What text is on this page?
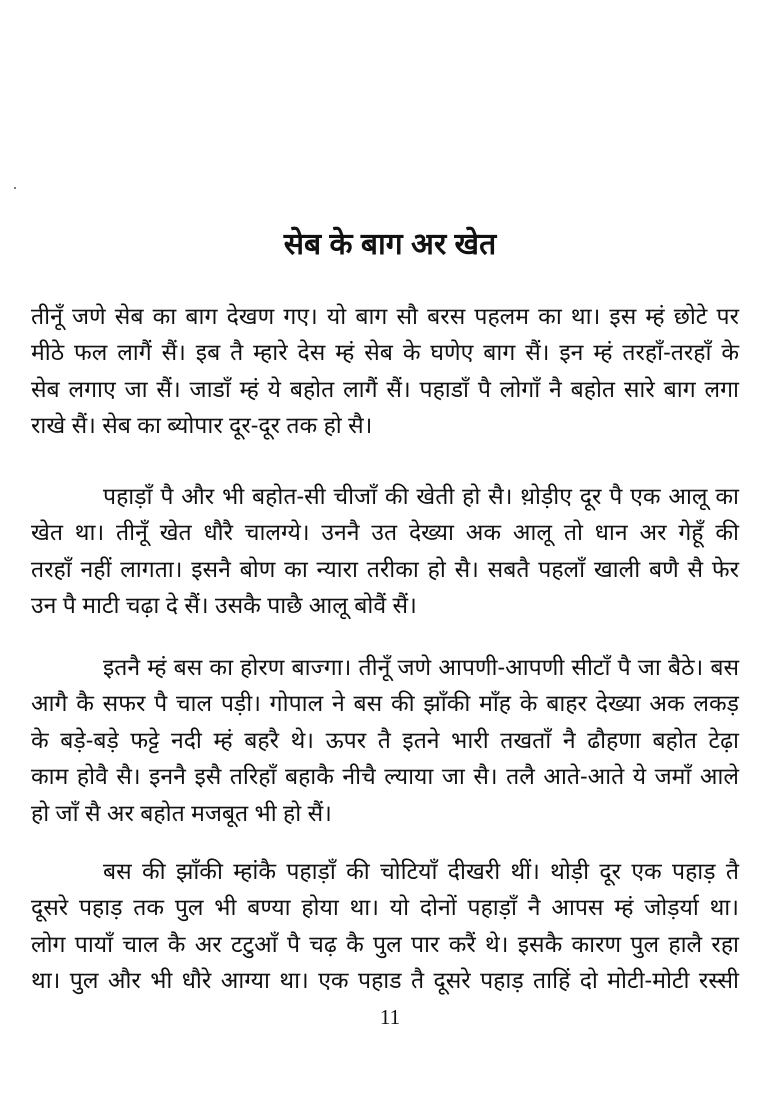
सेब के बाग अर खेत
तीनूँ जणे सेब का बाग देखण गए। यो बाग सौ बरस पहलम का था। इस म्हं छोटे पर
मीठे फल लागैं सैं। इब तै म्हारे देस म्हं सेब के घणेए बाग सैं। इन म्हं तरहाँ-तरहाँ के
सेब लगाए जा सैं। जाडाँ म्हं ये बहोत लागैं सैं। पहाडाँ पै लोगाँ नै बहोत सारे बाग लगा
राखे सैं। सेब का ब्योपार दूर-दूर तक हो सै।
पहाड़ाँ पै और भी बहोत-सी चीजाँ की खेती हो सै। थ़ोड़ीए दूर पै एक आलू का
खेत था। तीनूँ खेत धौरै चालग्ये। उननै उत देख्या अक आलू तो धान अर गेहूँ की
तरहाँ नहीं लागता। इसनै बोण का न्यारा तरीका हो सै। सबतै पहलाँ खाली बणै सै फेर
उन पै माटी चढ़ा दे सैं। उसकै पाछै आलू बोवैं सैं।
इतनै म्हं बस का होरण बाज्गा। तीनूँ जणे आपणी-आपणी सीटाँ पै जा बैठे। बस
आगै कै सफर पै चाल पड़ी। गोपाल ने बस की झाँकी माँह के बाहर देख्या अक लकड़
के बड़े-बड़े फट्टे नदी म्हं बहरै थे। ऊपर तै इतने भारी तखताँ नै ढौहणा बहोत टेढ़ा
काम होवै सै। इननै इसै तरिहाँ बहाकै नीचै ल्याया जा सै। तलै आते-आते ये जमाँ आले
हो जाँ सै अर बहोत मजबूत भी हो सैं।
बस की झाँकी म्हांकै पहाड़ाँ की चोटियाँ दीखरी थीं। थोड़ी दूर एक पहाड़ तै
दूसरे पहाड़ तक पुल भी बण्या होया था। यो दोनों पहाड़ाँ नै आपस म्हं जोड़र्या था।
लोग पायाँ चाल कै अर टटुआँ पै चढ़ कै पुल पार करैं थे। इसकै कारण पुल हालै रहा
था। पुल और भी धौरे आग्या था। एक पहाड तै दूसरे पहाड़ ताहिं दो मोटी-मोटी रस्सी
11
